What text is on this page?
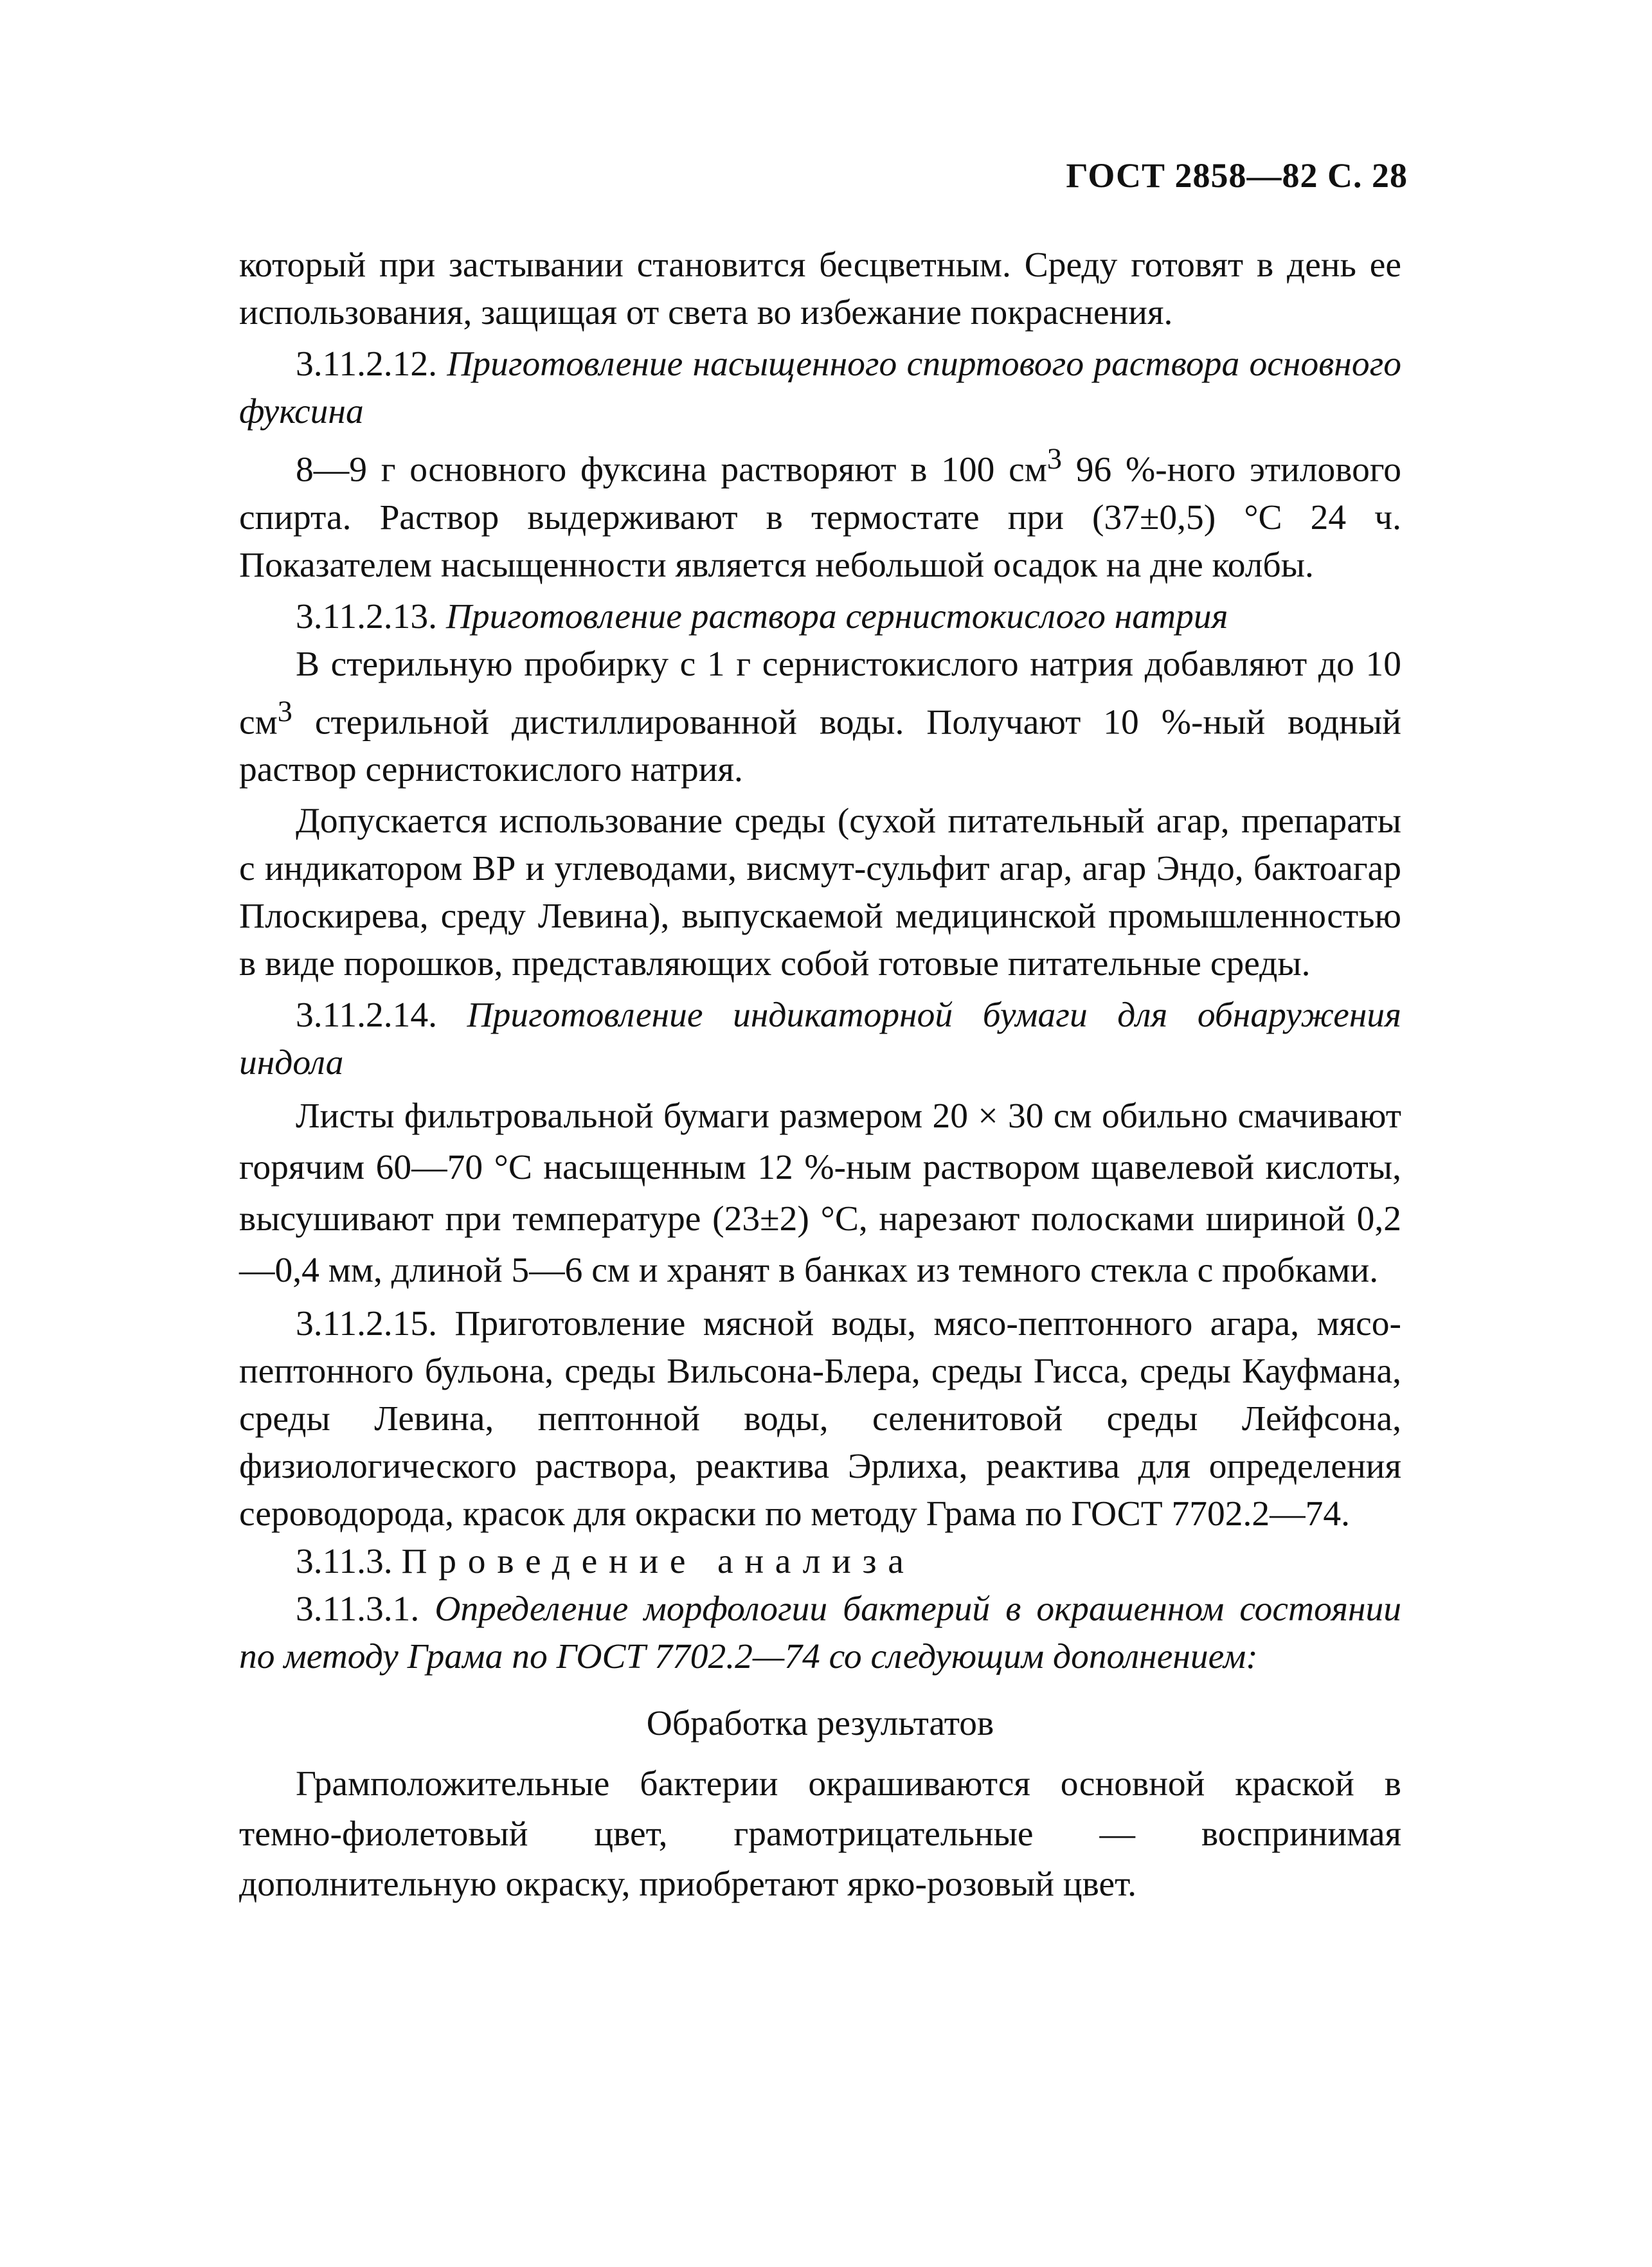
ГОСТ 2858—82 С. 28

который при застывании становится бесцветным. Среду готовят в день ее использования, защищая от света во избежание покраснения.

3.11.2.12. Приготовление насыщенного спиртового раствора основного фуксина

8—9 г основного фуксина растворяют в 100 $см^3$ 96 %-ного этилового спирта. Раствор выдерживают в термостате при (37±0,5) °С 24 ч. Показателем насыщенности является небольшой осадок на дне колбы.

3.11.2.13. Приготовление раствора сернистокислого натрия

В стерильную пробирку с 1 г сернистокислого натрия добавляют до 10 $см^3$ стерильной дистиллированной воды. Получают 10 %-ный водный раствор сернистокислого натрия.

Допускается использование среды (сухой питательный агар, препараты с индикатором ВР и углеводами, висмут-сульфит агар, агар Эндо, бактоагар Плоскирева, среду Левина), выпускаемой медицинской промышленностью в виде порошков, представляющих собой готовые питательные среды.

3.11.2.14. Приготовление индикаторной бумаги для обнаружения индола

Листы фильтровальной бумаги размером 20 × 30 см обильно смачивают горячим 60—70 °С насыщенным 12 %-ным раствором щавелевой кислоты, высушивают при температуре (23±2) °С, нарезают полосками шириной 0,2—0,4 мм, длиной 5—6 см и хранят в банках из темного стекла с пробками.

3.11.2.15. Приготовление мясной воды, мясо-пептонного агара, мясо-пептонного бульона, среды Вильсона-Блера, среды Гисса, среды Кауфмана, среды Левина, пептонной воды, селенитовой среды Лейфсона, физиологического раствора, реактива Эрлиха, реактива для определения сероводорода, красок для окраски по методу Грама по ГОСТ 7702.2—74.

3.11.3. Проведение анализа

3.11.3.1. Определение морфологии бактерий в окрашенном состоянии по методу Грама по ГОСТ 7702.2—74 со следующим дополнением:

Обработка результатов

Грамположительные бактерии окрашиваются основной краской в темно-фиолетовый цвет, грамотрицательные — воспринимая дополнительную окраску, приобретают ярко-розовый цвет.
